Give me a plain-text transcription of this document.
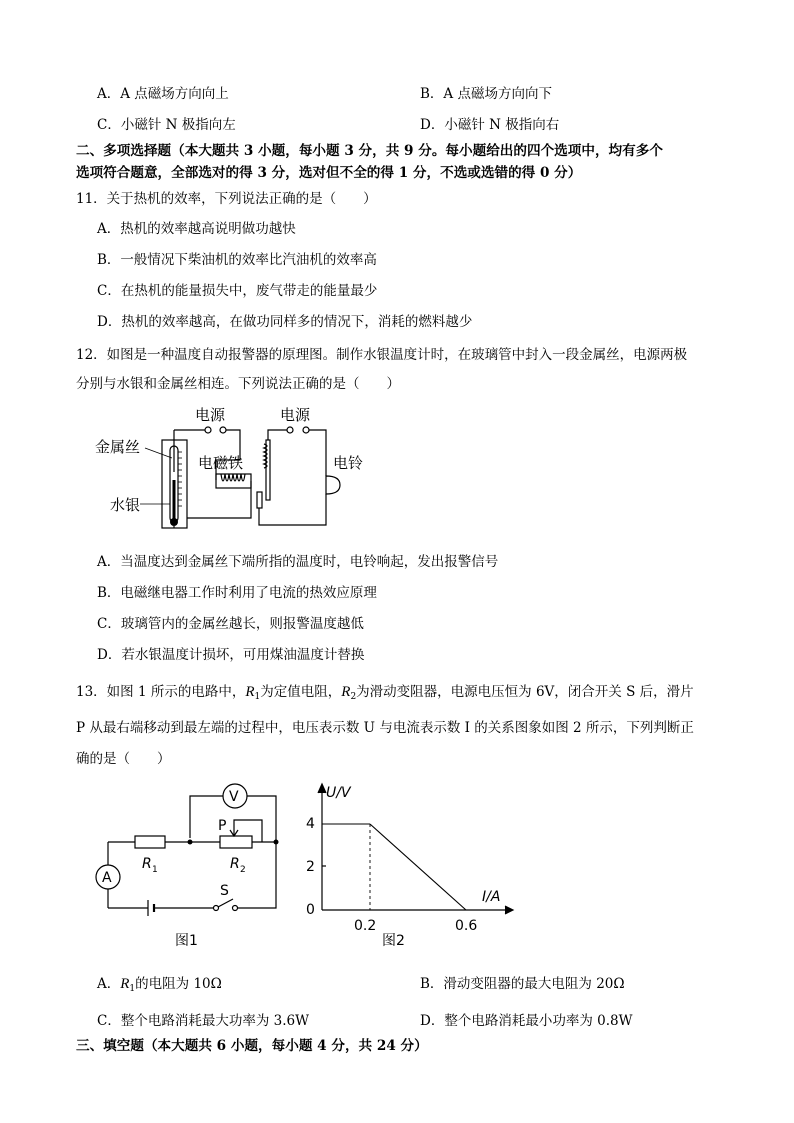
A．A 点磁场方向向上	B．A 点磁场方向向下
C．小磁针 N 极指向左	D．小磁针 N 极指向右
二、多项选择题（本大题共 3 小题，每小题 3 分，共 9 分。每小题给出的四个选项中，均有多个
选项符合题意，全部选对的得 3 分，选对但不全的得 1 分，不选或选错的得 0 分）
11．关于热机的效率，下列说法正确的是（　　）
A．热机的效率越高说明做功越快
B．一般情况下柴油机的效率比汽油机的效率高
C．在热机的能量损失中，废气带走的能量最少
D．热机的效率越高，在做功同样多的情况下，消耗的燃料越少
12．如图是一种温度自动报警器的原理图。制作水银温度计时，在玻璃管中封入一段金属丝，电源两极
分别与水银和金属丝相连。下列说法正确的是（　　）
电源	电源
金属丝
电磁铁	电铃
水银
A．当温度达到金属丝下端所指的温度时，电铃响起，发出报警信号
B．电磁继电器工作时利用了电流的热效应原理
C．玻璃管内的金属丝越长，则报警温度越低
D．若水银温度计损坏，可用煤油温度计替换
13．如图 1 所示的电路中，$R_1$为定值电阻，$R_2$为滑动变阻器，电源电压恒为 6V，闭合开关 S 后，滑片
P 从最右端移动到最左端的过程中，电压表示数 U 与电流表示数 I 的关系图象如图 2 所示，下列判断正
确的是（　　）
V
A
P
R 1	R 2
S
图1
U/V
I/A
0
4
2
0.2	0.6
图2
A．$R_1$的电阻为 10Ω	B．滑动变阻器的最大电阻为 20Ω
C．整个电路消耗最大功率为 3.6W	D．整个电路消耗最小功率为 0.8W
三、填空题（本大题共 6 小题，每小题 4 分，共 24 分）
